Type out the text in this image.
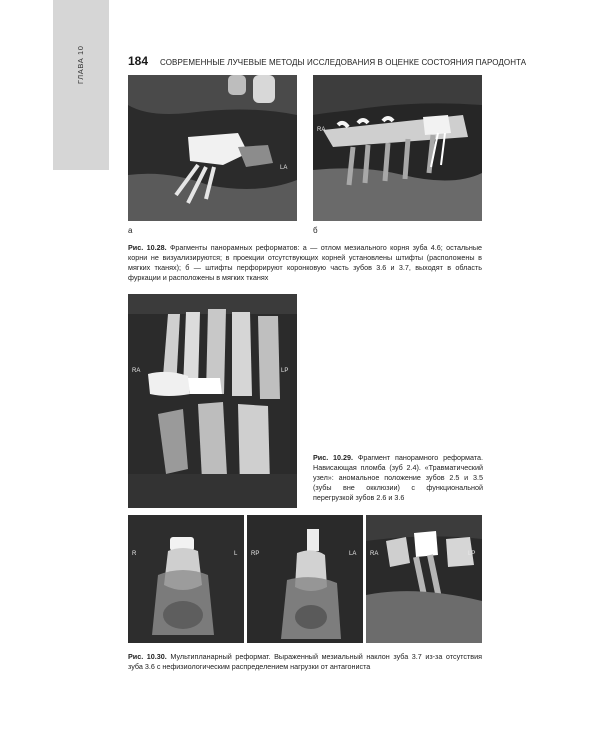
ГЛАВА 10	184 СОВРЕМЕННЫЕ ЛУЧЕВЫЕ МЕТОДЫ ИССЛЕДОВАНИЯ В ОЦЕНКЕ СОСТОЯНИЯ ПАРОДОНТА
LA
а
RA
б
Рис. 10.28. Фрагменты панорамных реформатов: а — отлом мезиального корня зуба 4.6; остальные корни не визуализируются; в проекции отсутствующих корней установлены штифты (расположены в мягких тканях); б — штифты перфорируют коронковую часть зубов 3.6 и 3.7, выходят в область фуркации и расположены в мягких тканях
RA	LP
Рис. 10.29. Фрагмент панорамного реформата. Нависающая пломба (зуб 2.4). «Травматический узел»: аномальное положение зубов 2.5 и 3.5 (зубы вне окклюзии) с функциональной перегрузкой зубов 2.6 и 3.6
R	L RP	LA RA	LP
Рис. 10.30. Мультипланарный реформат. Выраженный мезиальный наклон зуба 3.7 из-за отсутствия зуба 3.6 с нефизиологическим распределением нагрузки от антагониста
